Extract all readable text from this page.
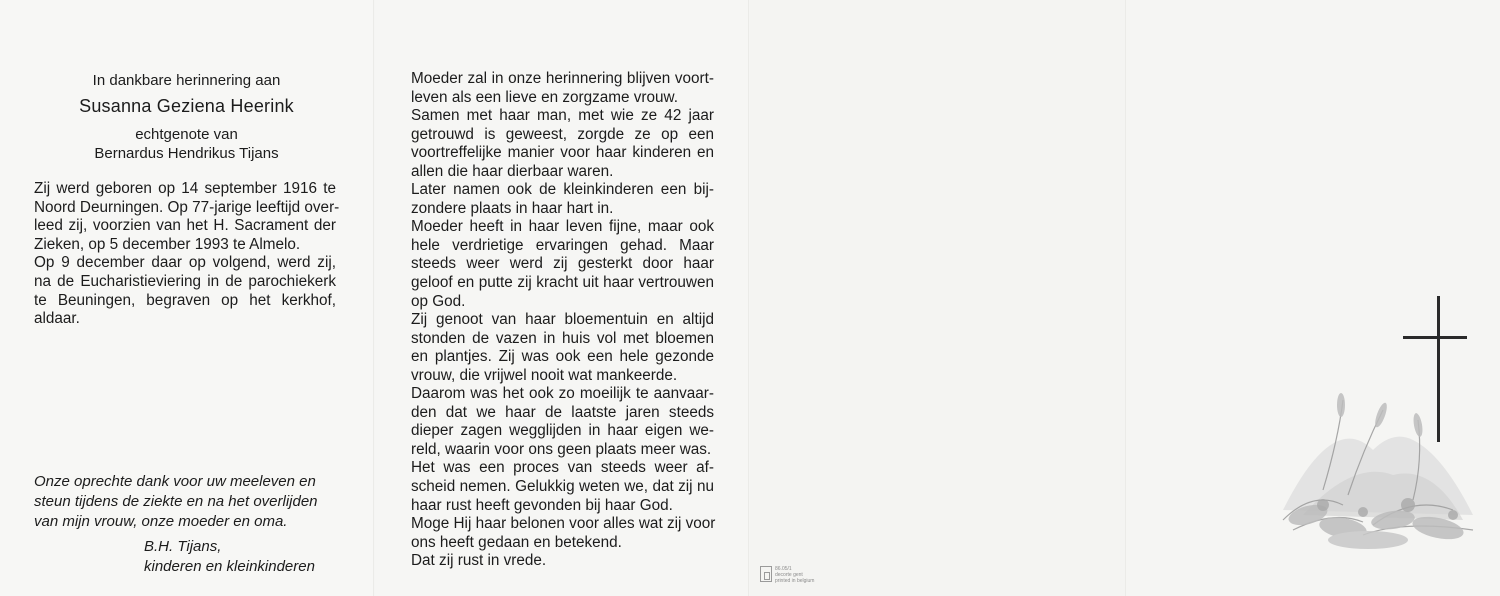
In dankbare herinnering aan
Susanna Geziena Heerink
echtgenote van
Bernardus Hendrikus Tijans

Zij werd geboren op 14 september 1916 te

Noord Deurningen. Op 77-jarige leeftijd over-

leed zij, voorzien van het H. Sacrament der

Zieken, op 5 december 1993 te Almelo.

Op 9 december daar op volgend, werd zij,

na de Eucharistieviering in de parochiekerk

te Beuningen, begraven op het kerkhof,

aldaar.

Onze oprechte dank voor uw meeleven en
steun tijdens de ziekte en na het overlijden
van mijn vrouw, onze moeder en oma.
B.H. Tijans,
kinderen en kleinkinderen

Moeder zal in onze herinnering blijven voort-

leven als een lieve en zorgzame vrouw.

Samen met haar man, met wie ze 42 jaar

getrouwd is geweest, zorgde ze op een

voortreffelijke manier voor haar kinderen en

allen die haar dierbaar waren.

Later namen ook de kleinkinderen een bij-

zondere plaats in haar hart in.

Moeder heeft in haar leven fijne, maar ook

hele verdrietige ervaringen gehad. Maar

steeds weer werd zij gesterkt door haar

geloof en putte zij kracht uit haar vertrouwen

op God.

Zij genoot van haar bloementuin en altijd

stonden de vazen in huis vol met bloemen

en plantjes. Zij was ook een hele gezonde

vrouw, die vrijwel nooit wat mankeerde.

Daarom was het ook zo moeilijk te aanvaar-

den dat we haar de laatste jaren steeds

dieper zagen wegglijden in haar eigen we-

reld, waarin voor ons geen plaats meer was.

Het was een proces van steeds weer af-

scheid nemen. Gelukkig weten we, dat zij nu

haar rust heeft gevonden bij haar God.

Moge Hij haar belonen voor alles wat zij voor

ons heeft gedaan en betekend.

Dat zij rust in vrede.	86.05/1
decorte gent
printed in belgium
